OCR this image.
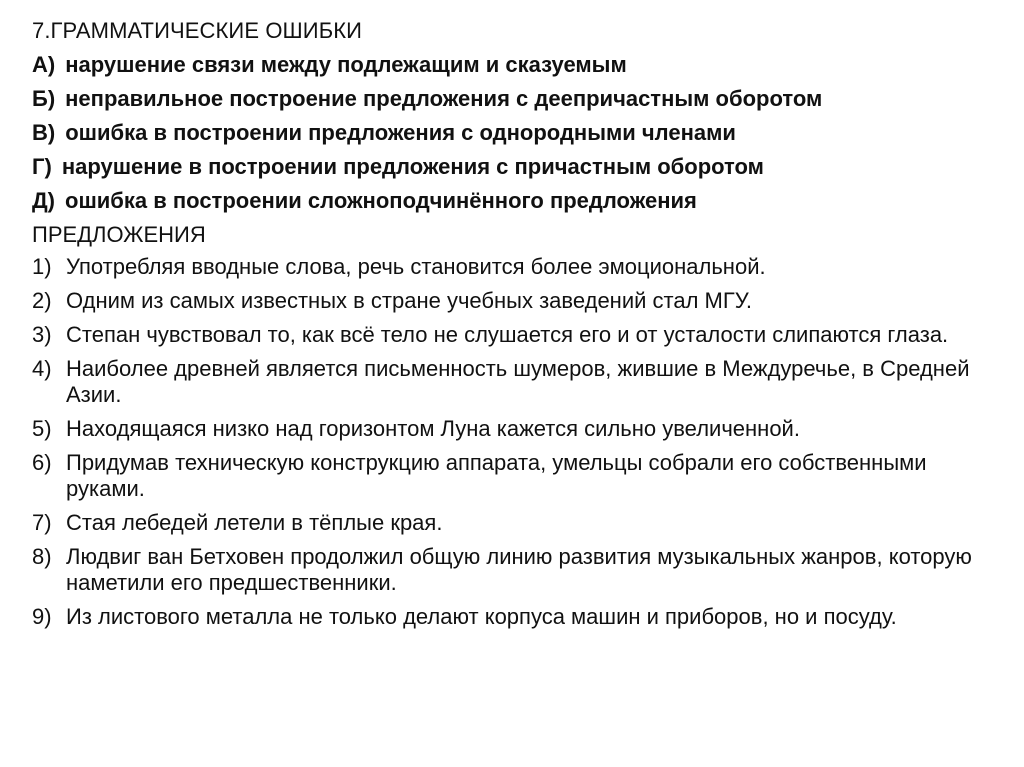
7.ГРАММАТИЧЕСКИЕ ОШИБКИ
А) нарушение связи между подлежащим и сказуемым
Б) неправильное построение предложения с деепричастным оборотом
В) ошибка в построении предложения с однородными членами
Г) нарушение в построении предложения с причастным оборотом
Д) ошибка в построении сложноподчинённого предложения
ПРЕДЛОЖЕНИЯ
1) Употребляя вводные слова, речь становится более эмоциональной.
2) Одним из самых известных в стране учебных заведений стал МГУ.
3) Степан чувствовал то, как всё тело не слушается его и от усталости слипаются глаза.
4) Наиболее древней является письменность шумеров, жившие в Междуречье, в Средней Азии.
5) Находящаяся низко над горизонтом Луна кажется сильно увеличенной.
6) Придумав техническую конструкцию аппарата, умельцы собрали его собственными руками.
7) Стая лебедей летели в тёплые края.
8) Людвиг ван Бетховен продолжил общую линию развития музыкальных жанров, которую наметили его предшественники.
9) Из листового металла не только делают корпуса машин и приборов, но и посуду.
